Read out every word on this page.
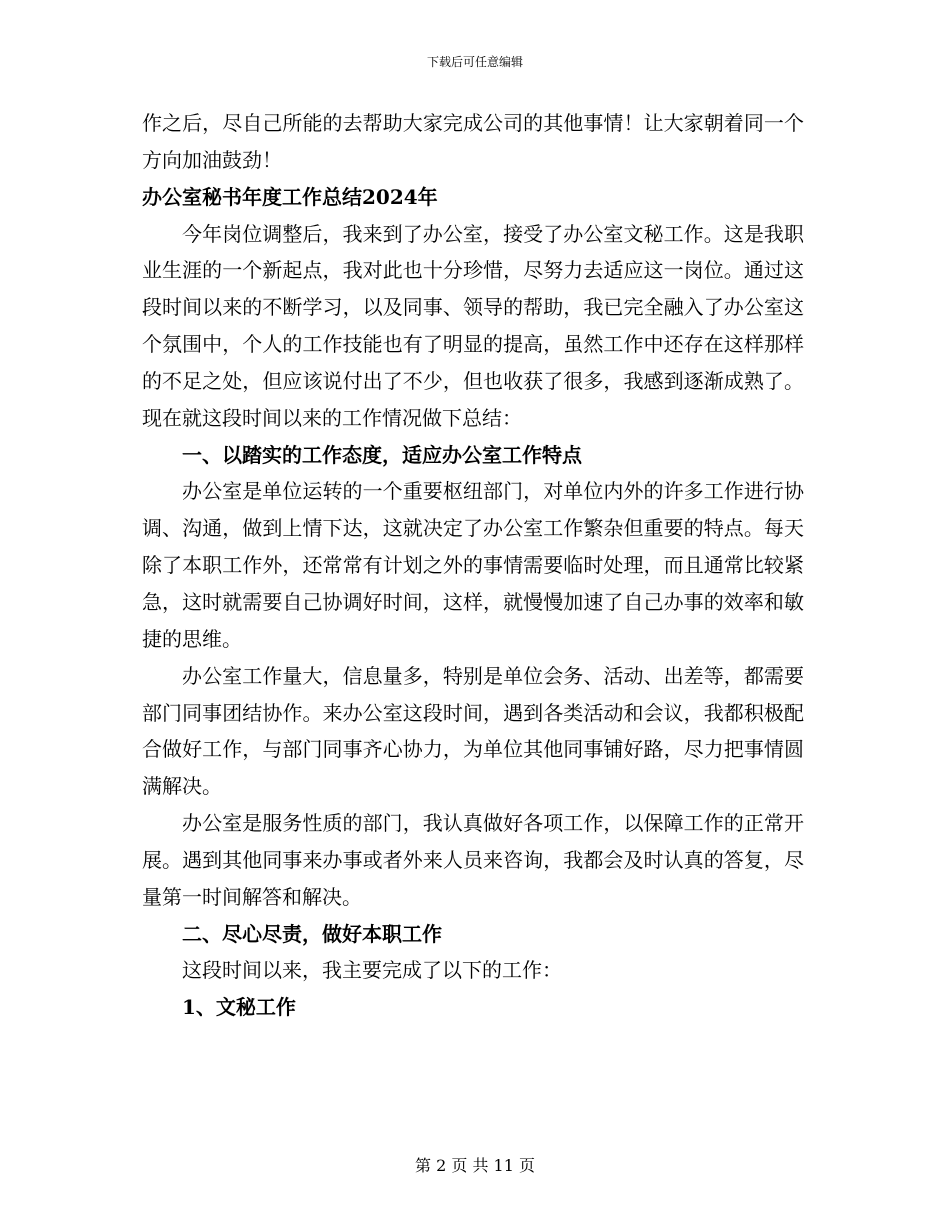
下载后可任意编辑

作之后，尽自己所能的去帮助大家完成公司的其他事情！让大家朝着同一个方向加油鼓劲！

办公室秘书年度工作总结2024年

今年岗位调整后，我来到了办公室，接受了办公室文秘工作。这是我职业生涯的一个新起点，我对此也十分珍惜，尽努力去适应这一岗位。通过这段时间以来的不断学习，以及同事、领导的帮助，我已完全融入了办公室这个氛围中，个人的工作技能也有了明显的提高，虽然工作中还存在这样那样的不足之处，但应该说付出了不少，但也收获了很多，我感到逐渐成熟了。现在就这段时间以来的工作情况做下总结：

一、以踏实的工作态度，适应办公室工作特点

办公室是单位运转的一个重要枢纽部门，对单位内外的许多工作进行协调、沟通，做到上情下达，这就决定了办公室工作繁杂但重要的特点。每天除了本职工作外，还常常有计划之外的事情需要临时处理，而且通常比较紧急，这时就需要自己协调好时间，这样，就慢慢加速了自己办事的效率和敏捷的思维。

办公室工作量大，信息量多，特别是单位会务、活动、出差等，都需要部门同事团结协作。来办公室这段时间，遇到各类活动和会议，我都积极配合做好工作，与部门同事齐心协力，为单位其他同事铺好路，尽力把事情圆满解决。

办公室是服务性质的部门，我认真做好各项工作，以保障工作的正常开展。遇到其他同事来办事或者外来人员来咨询，我都会及时认真的答复，尽量第一时间解答和解决。

二、尽心尽责，做好本职工作

这段时间以来，我主要完成了以下的工作：

1、文秘工作

第 2 页 共 11 页
